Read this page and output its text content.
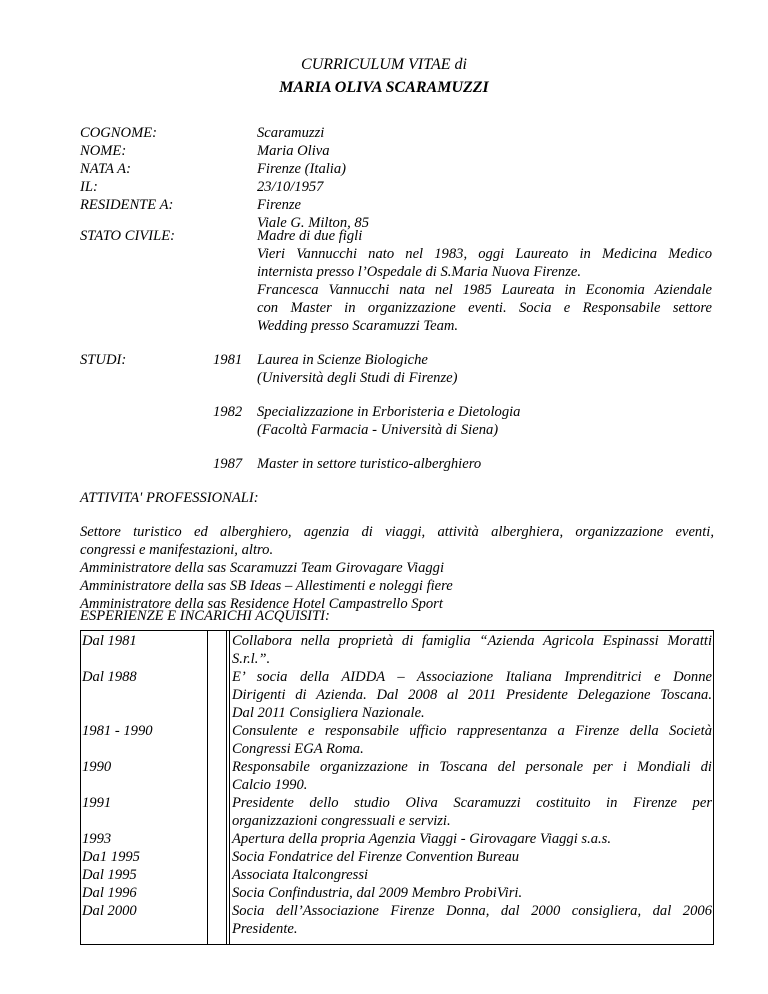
CURRICULUM VITAE di
MARIA OLIVA SCARAMUZZI
COGNOME:
NOME:
NATA A:
IL:
RESIDENTE A:
STATO CIVILE:
Scaramuzzi
Maria Oliva
Firenze (Italia)
23/10/1957
Firenze
Viale G. Milton, 85
Madre di due figli
Vieri Vannucchi nato nel 1983, oggi Laureato in Medicina Medico
internista presso l’Ospedale di S.Maria Nuova Firenze.
Francesca Vannucchi nata nel 1985 Laureata in Economia Aziendale
con Master in organizzazione eventi. Socia e Responsabile settore
Wedding presso Scaramuzzi Team.
STUDI:	1981 Laurea in Scienze Biologiche
(Università degli Studi di Firenze)
1982 Specializzazione in Erboristeria e Dietologia
(Facoltà Farmacia - Università di Siena)
1987 Master in settore turistico-alberghiero
ATTIVITA' PROFESSIONALI:
Settore turistico ed alberghiero, agenzia di viaggi, attività alberghiera, organizzazione eventi,
congressi e manifestazioni, altro.
Amministratore della sas Scaramuzzi Team Girovagare Viaggi
Amministratore della sas SB Ideas – Allestimenti e noleggi fiere
Amministratore della sas Residence Hotel Campastrello Sport
ESPERIENZE E INCARICHI ACQUISITI:
Dal 1981
Dal 1988
1981 - 1990
1990
1991
1993
Da1 1995
Dal 1995
Dal 1996
Dal 2000
Collabora nella proprietà di famiglia “Azienda Agricola Espinassi Moratti
S.r.l.”.
E’ socia della AIDDA – Associazione Italiana Imprenditrici e Donne
Dirigenti di Azienda. Dal 2008 al 2011 Presidente Delegazione Toscana.
Dal 2011 Consigliera Nazionale.
Consulente e responsabile ufficio rappresentanza a Firenze della Società
Congressi EGA Roma.
Responsabile organizzazione in Toscana del personale per i Mondiali di
Calcio 1990.
Presidente dello studio Oliva Scaramuzzi costituito in Firenze per
organizzazioni congressuali e servizi.
Apertura della propria Agenzia Viaggi - Girovagare Viaggi s.a.s.
Socia Fondatrice del Firenze Convention Bureau
Associata Italcongressi
Socia Confindustria, dal 2009 Membro ProbiViri.
Socia dell’Associazione Firenze Donna, dal 2000 consigliera, dal 2006
Presidente.
